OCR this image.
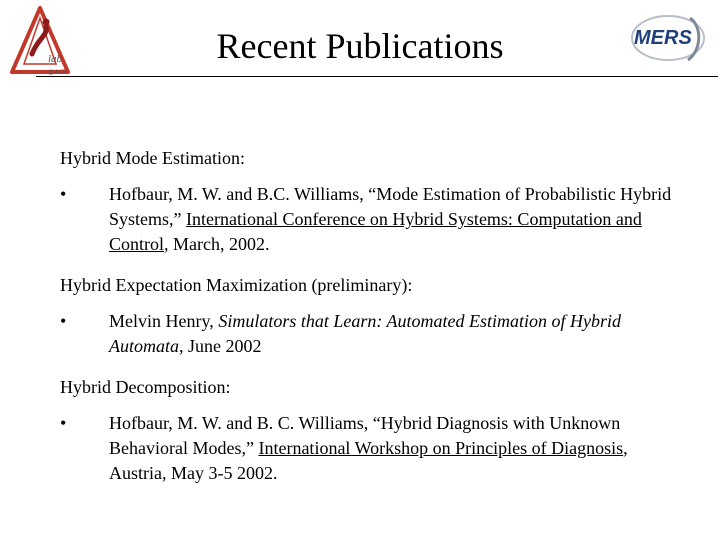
lab
@ MIT
Recent Publications	MERS
Hybrid Mode Estimation:
• Hofbaur, M. W. and B.C. Williams, “Mode Estimation of Probabilistic Hybrid Systems,” International Conference on Hybrid Systems: Computation and Control, March, 2002.
Hybrid Expectation Maximization (preliminary):
• Melvin Henry, Simulators that Learn: Automated Estimation of Hybrid Automata, June 2002
Hybrid Decomposition:
• Hofbaur, M. W. and B. C. Williams, “Hybrid Diagnosis with Unknown Behavioral Modes,” International Workshop on Principles of Diagnosis, Austria, May 3-5 2002.
